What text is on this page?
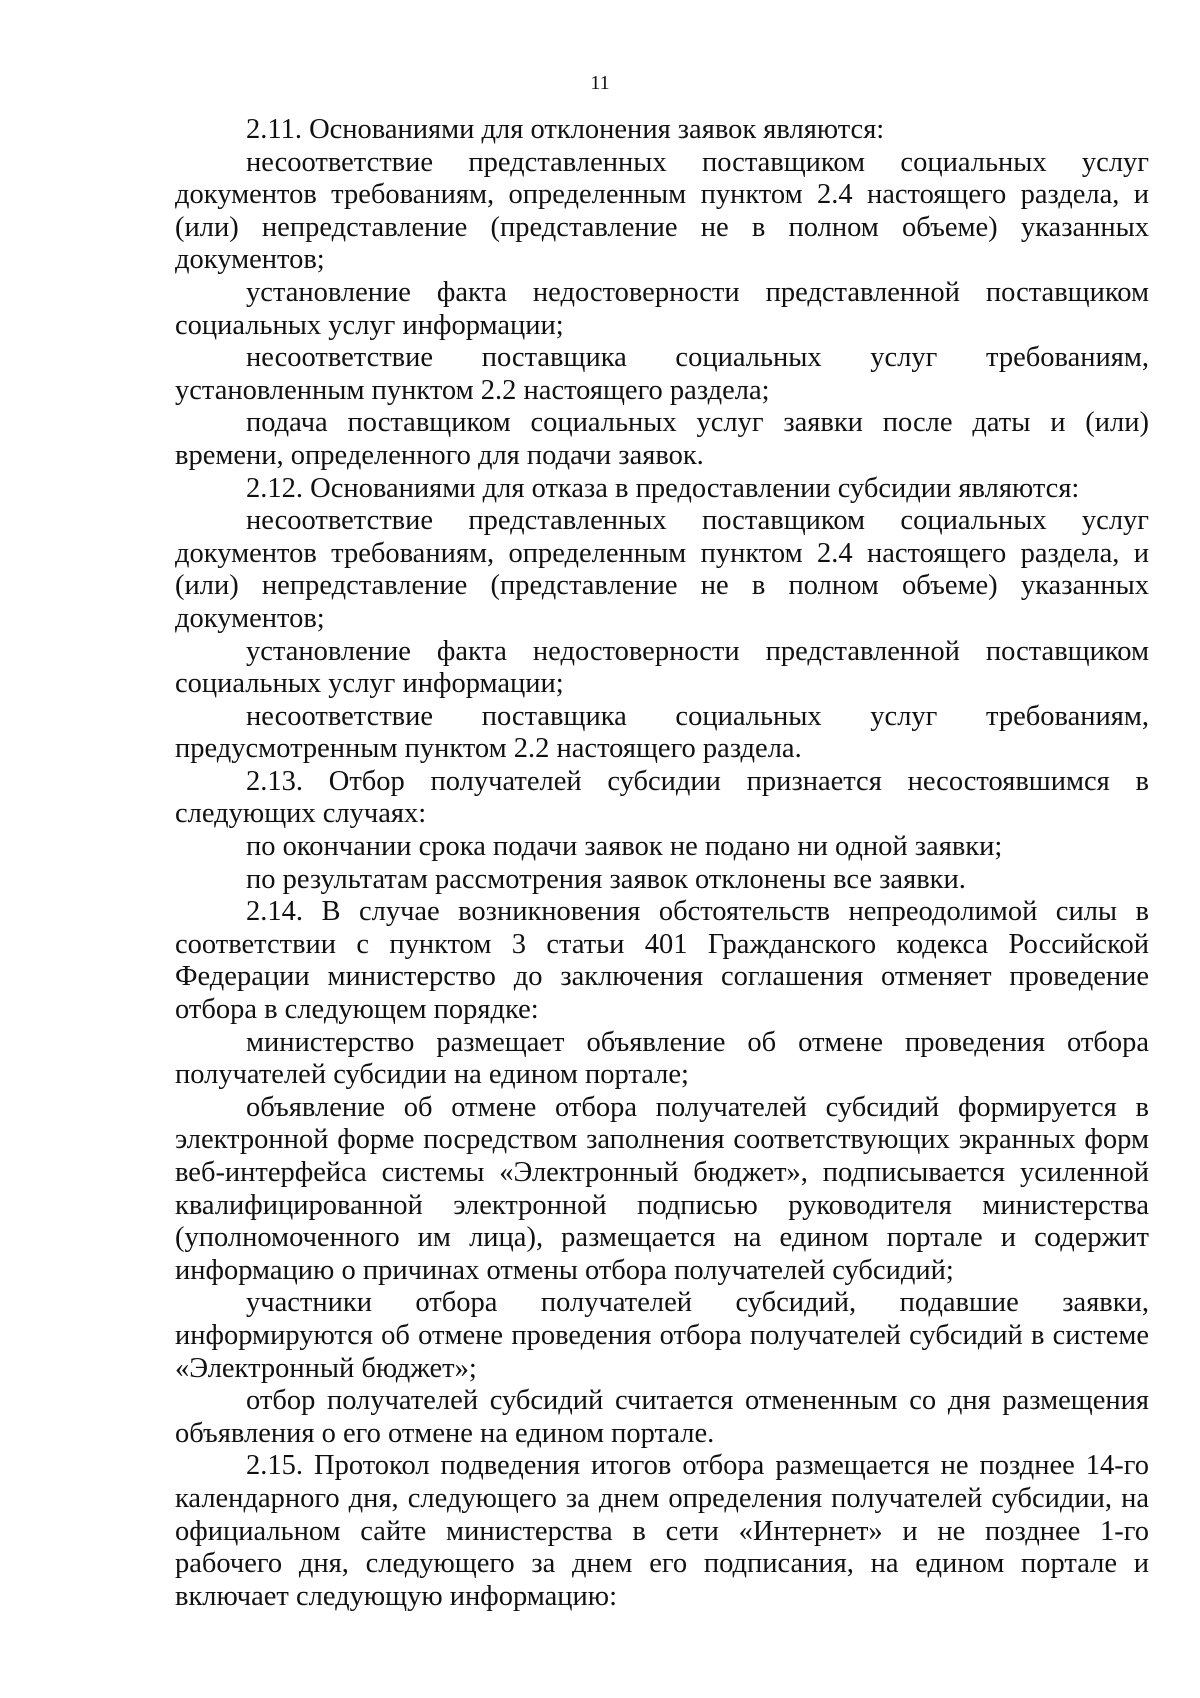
11

2.11. Основаниями для отклонения заявок являются:

несоответствие представленных поставщиком социальных услуг документов требованиям, определенным пунктом 2.4 настоящего раздела, и (или) непредставление (представление не в полном объеме) указанных документов;

установление факта недостоверности представленной поставщиком социальных услуг информации;

несоответствие поставщика социальных услуг требованиям, установленным пунктом 2.2 настоящего раздела;

подача поставщиком социальных услуг заявки после даты и (или) времени, определенного для подачи заявок.

2.12. Основаниями для отказа в предоставлении субсидии являются:

несоответствие представленных поставщиком социальных услуг документов требованиям, определенным пунктом 2.4 настоящего раздела, и (или) непредставление (представление не в полном объеме) указанных документов;

установление факта недостоверности представленной поставщиком социальных услуг информации;

несоответствие поставщика социальных услуг требованиям, предусмотренным пунктом 2.2 настоящего раздела.

2.13. Отбор получателей субсидии признается несостоявшимся в следующих случаях:

по окончании срока подачи заявок не подано ни одной заявки;

по результатам рассмотрения заявок отклонены все заявки.

2.14. В случае возникновения обстоятельств непреодолимой силы в соответствии с пунктом 3 статьи 401 Гражданского кодекса Российской Федерации министерство до заключения соглашения отменяет проведение отбора в следующем порядке:

министерство размещает объявление об отмене проведения отбора получателей субсидии на едином портале;

объявление об отмене отбора получателей субсидий формируется в электронной форме посредством заполнения соответствующих экранных форм веб-интерфейса системы «Электронный бюджет», подписывается усиленной квалифицированной электронной подписью руководителя министерства (уполномоченного им лица), размещается на едином портале и содержит информацию о причинах отмены отбора получателей субсидий;

участники отбора получателей субсидий, подавшие заявки, информируются об отмене проведения отбора получателей субсидий в системе «Электронный бюджет»;

отбор получателей субсидий считается отмененным со дня размещения объявления о его отмене на едином портале.

2.15. Протокол подведения итогов отбора размещается не позднее 14-го календарного дня, следующего за днем определения получателей субсидии, на официальном сайте министерства в сети «Интернет» и не позднее 1-го рабочего дня, следующего за днем его подписания, на едином портале и включает следующую информацию:
